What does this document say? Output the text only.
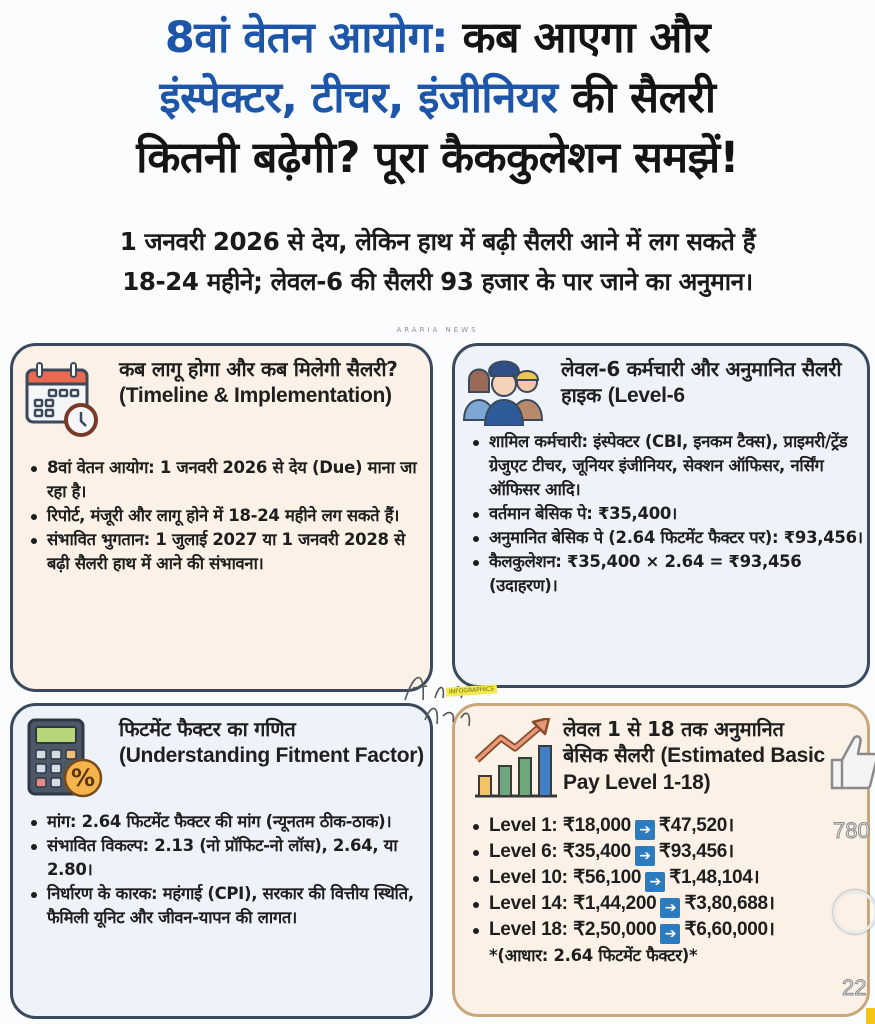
8वां वेतन आयोग: कब आएगा और
इंस्पेक्टर, टीचर, इंजीनियर की सैलरी
कितनी बढ़ेगी? पूरा कैककुलेशन समझें!
1 जनवरी 2026 से देय, लेकिन हाथ में बढ़ी सैलरी आने में लग सकते हैं
18-24 महीने; लेवल-6 की सैलरी 93 हजार के पार जाने का अनुमान।
ARARIA NEWS
कब लागू होगा और कब मिलेगी सैलरी? (Timeline & Implementation)
8वां वेतन आयोग: 1 जनवरी 2026 से देय (Due) माना जा रहा है।
रिपोर्ट, मंजूरी और लागू होने में 18-24 महीने लग सकते हैं।
संभावित भुगतान: 1 जुलाई 2027 या 1 जनवरी 2028 से बढ़ी सैलरी हाथ में आने की संभावना।
लेवल-6 कर्मचारी और अनुमानित सैलरी हाइक (Level-6
शामिल कर्मचारी: इंस्पेक्टर (CBI, इनकम टैक्स), प्राइमरी/ट्रेंड ग्रेजुएट टीचर, जूनियर इंजीनियर, सेक्शन ऑफिसर, नर्सिंग ऑफिसर आदि।
वर्तमान बेसिक पे: ₹35,400।
अनुमानित बेसिक पे (2.64 फिटमेंट फैक्टर पर): ₹93,456।
कैलकुलेशन: ₹35,400 × 2.64 = ₹93,456 (उदाहरण)।
%
फिटमेंट फैक्टर का गणित
(Understanding Fitment Factor)
मांग: 2.64 फिटमेंट फैक्टर की मांग (न्यूनतम ठीक-ठाक)।
संभावित विकल्प: 2.13 (नो प्रॉफिट-नो लॉस), 2.64, या 2.80।
निर्धारण के कारक: महंगाई (CPI), सरकार की वित्तीय स्थिति, फैमिली यूनिट और जीवन-यापन की लागत।
लेवल 1 से 18 तक अनुमानित बेसिक सैलरी (Estimated Basic Pay Level 1-18)
Level 1: ₹18,000 ➔ ₹47,520।
Level 6: ₹35,400 ➔ ₹93,456।
Level 10: ₹56,100 ➔ ₹1,48,104।
Level 14: ₹1,44,200 ➔ ₹3,80,688।
Level 18: ₹2,50,000 ➔ ₹6,60,000।
*(आधार: 2.64 फिटमेंट फैक्टर)*
INFOGRAPHICS
780
22
